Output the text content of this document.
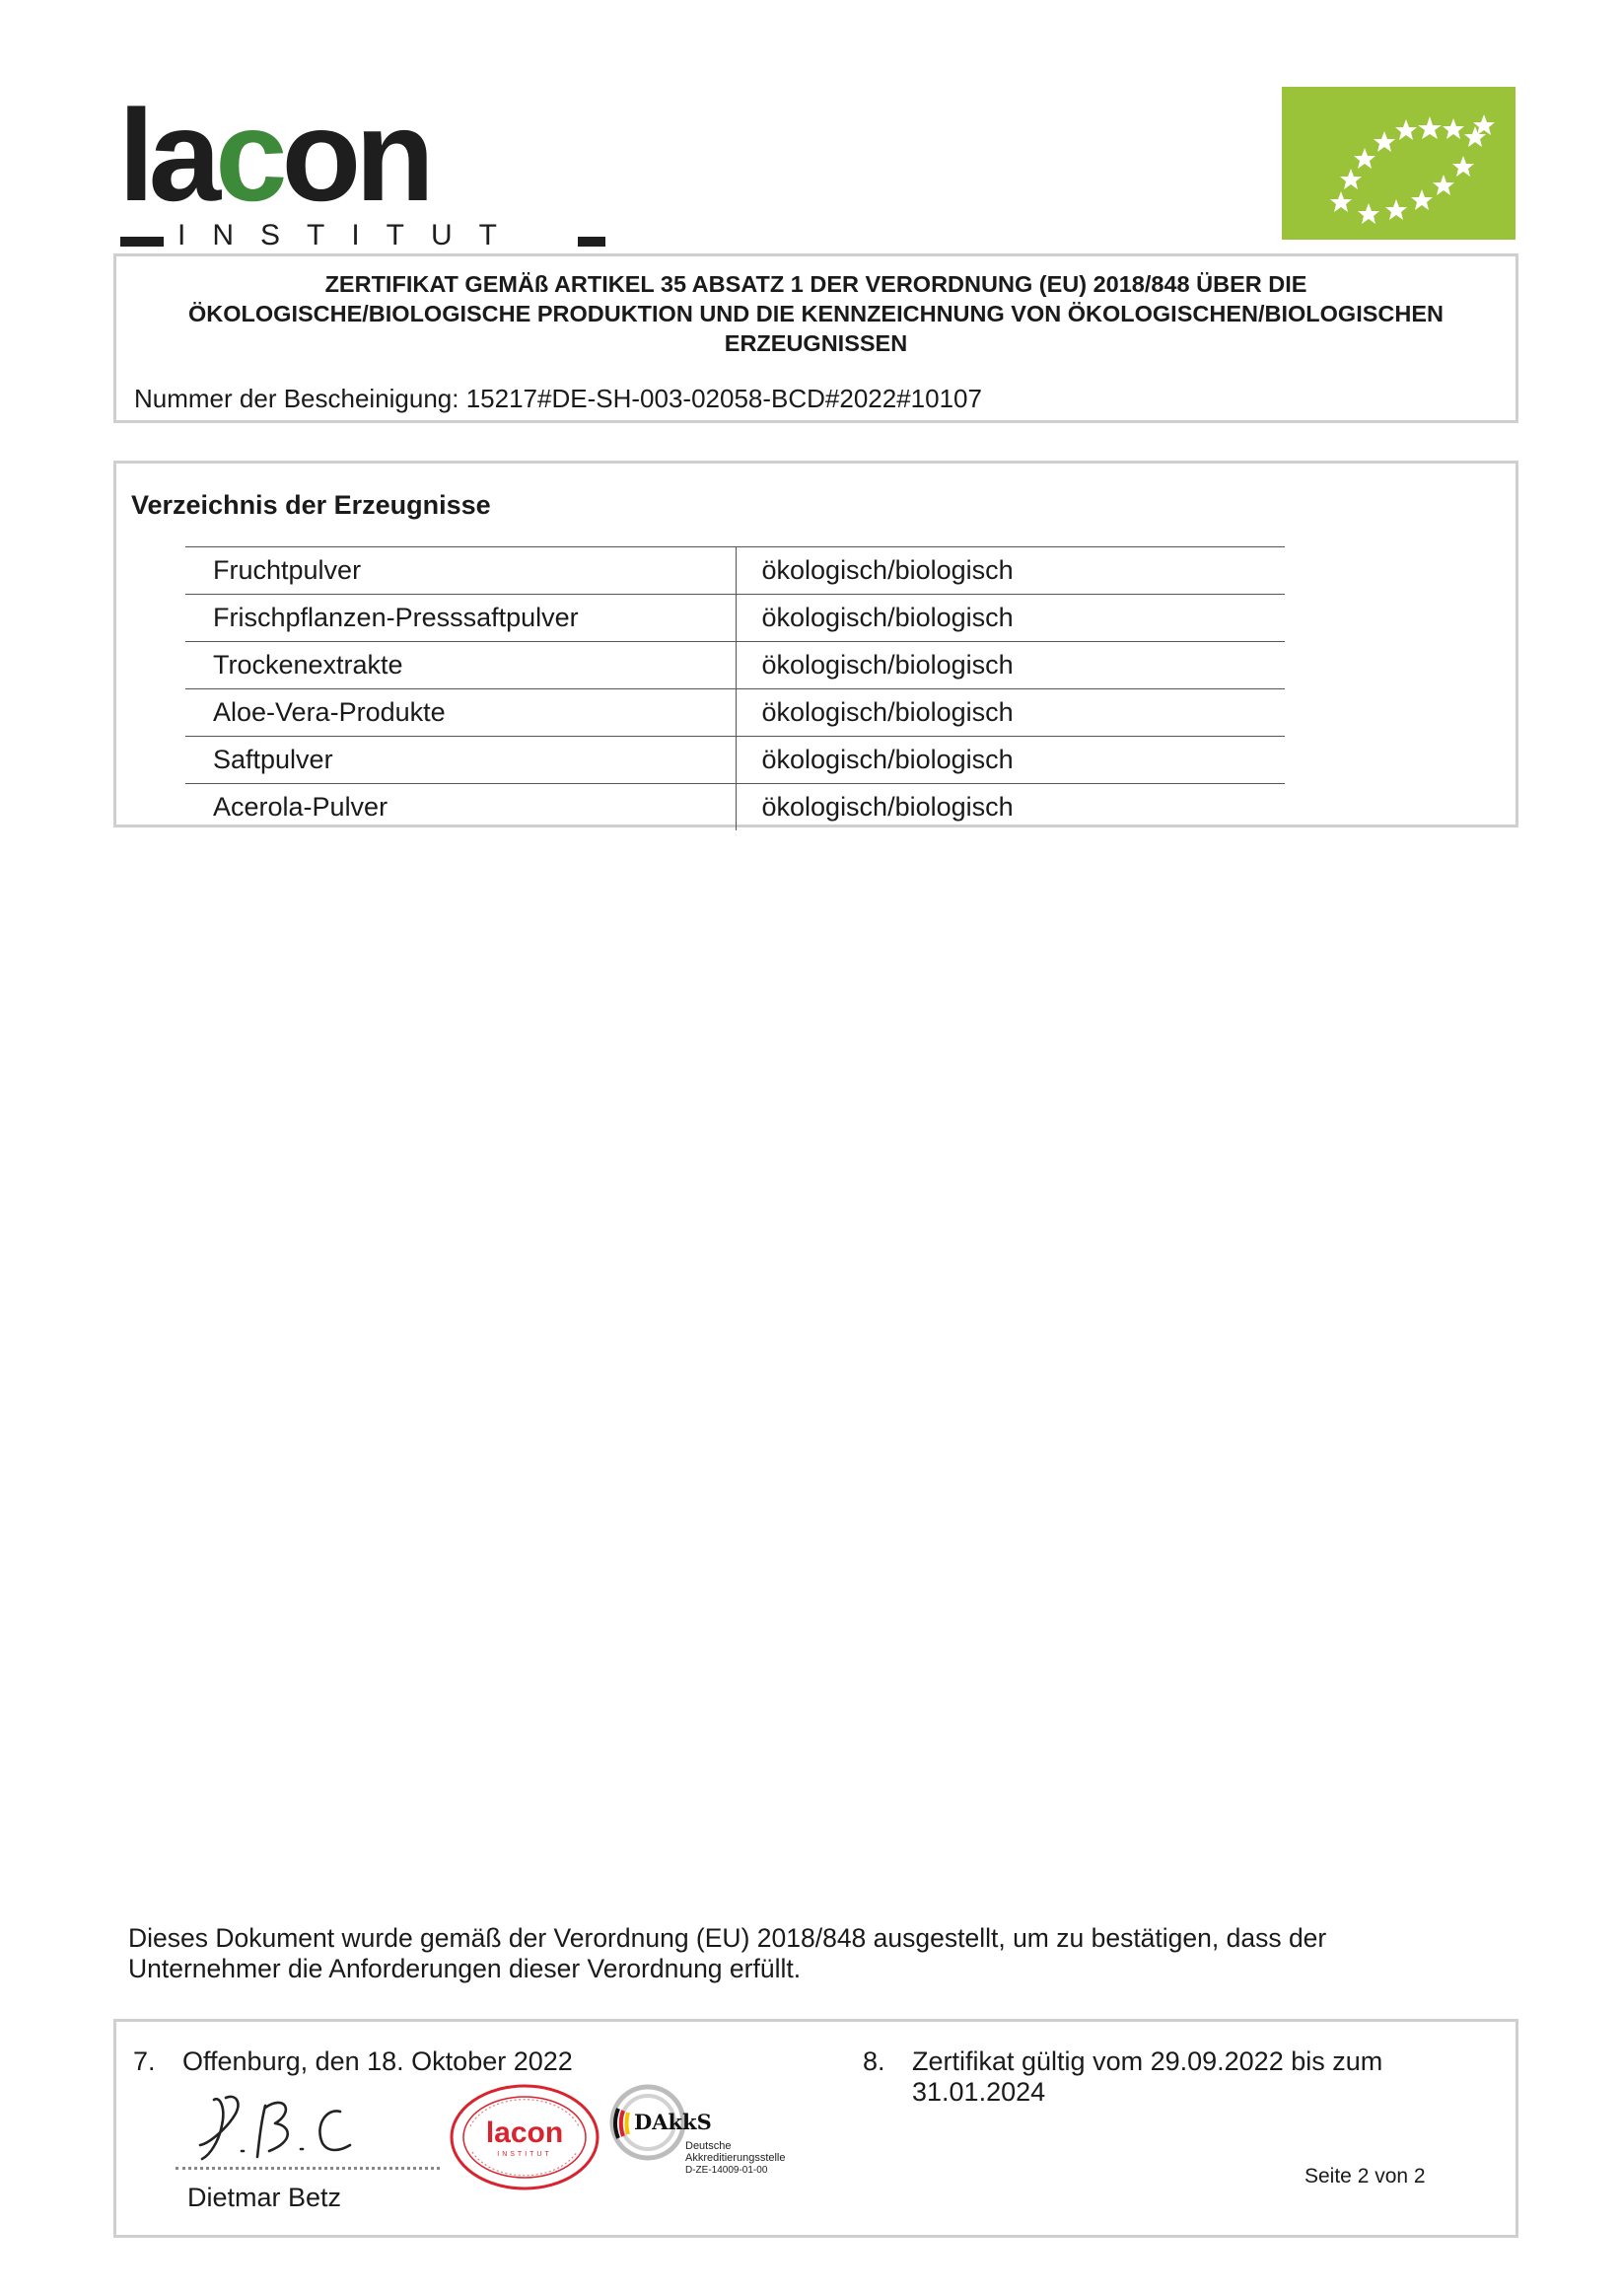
lacon
INSTITUT
ZERTIFIKAT GEMÄß ARTIKEL 35 ABSATZ 1 DER VERORDNUNG (EU) 2018/848 ÜBER DIE
ÖKOLOGISCHE/BIOLOGISCHE PRODUKTION UND DIE KENNZEICHNUNG VON ÖKOLOGISCHEN/BIOLOGISCHEN
ERZEUGNISSEN
Nummer der Bescheinigung: 15217#DE-SH-003-02058-BCD#2022#10107
Verzeichnis der Erzeugnisse
Fruchtpulver	ökologisch/biologisch
Frischpflanzen-Presssaftpulver	ökologisch/biologisch
Trockenextrakte	ökologisch/biologisch
Aloe-Vera-Produkte	ökologisch/biologisch
Saftpulver	ökologisch/biologisch
Acerola-Pulver	ökologisch/biologisch
Dieses Dokument wurde gemäß der Verordnung (EU) 2018/848 ausgestellt, um zu bestätigen, dass der
Unternehmer die Anforderungen dieser Verordnung erfüllt.
7. Offenburg, den 18. Oktober 2022	8. Zertifikat gültig vom 29.09.2022 bis zum
31.01.2024
Dietmar Betz
lacon
INSTITUT
DAkkS
Deutsche
Akkreditierungsstelle
D-ZE-14009-01-00	Seite 2 von 2
